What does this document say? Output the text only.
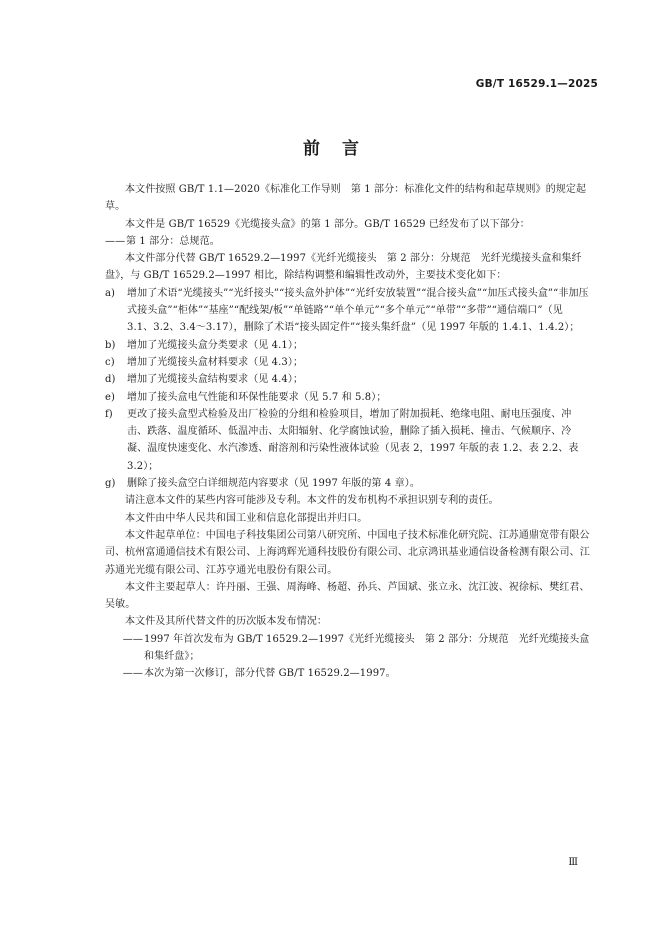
GB/T 16529.1—2025
前言

本文件按照 GB/T 1.1—2020《标准化工作导则　第 1 部分：标准化文件的结构和起草规则》的规定起草。

本文件是 GB/T 16529《光缆接头盒》的第 1 部分。GB/T 16529 已经发布了以下部分：

—— 第 1 部分：总规范。

本文件部分代替 GB/T 16529.2—1997《光纤光缆接头　第 2 部分：分规范　光纤光缆接头盒和集纤盘》，与 GB/T 16529.2—1997 相比，除结构调整和编辑性改动外，主要技术变化如下：

a)	增加了术语“光缆接头”“光纤接头”“接头盒外护体”“光纤安放装置”“混合接头盒”“加压式接头盒”“非加压式接头盒”“柜体”“基座”“配线架/板”“单链路”“单个单元”“多个单元”“单带”“多带”“通信端口”（见 3.1、3.2、3.4～3.17），删除了术语“接头固定件”“接头集纤盘”（见 1997 年版的 1.4.1、1.4.2）；
b)	增加了光缆接头盒分类要求（见 4.1）；
c)	增加了光缆接头盒材料要求（见 4.3）；
d)	增加了光缆接头盒结构要求（见 4.4）；
e)	增加了接头盒电气性能和环保性能要求（见 5.7 和 5.8）；
f)	更改了接头盒型式检验及出厂检验的分组和检验项目，增加了附加损耗、绝缘电阻、耐电压强度、冲击、跌落、温度循环、低温冲击、太阳辐射、化学腐蚀试验，删除了插入损耗、撞击、气候顺序、冷凝、温度快速变化、水汽渗透、耐溶剂和污染性液体试验（见表 2，1997 年版的表 1.2、表 2.2、表 3.2）；
g)	删除了接头盒空白详细规范内容要求（见 1997 年版的第 4 章）。

请注意本文件的某些内容可能涉及专利。本文件的发布机构不承担识别专利的责任。

本文件由中华人民共和国工业和信息化部提出并归口。

本文件起草单位：中国电子科技集团公司第八研究所、中国电子技术标准化研究院、江苏通鼎宽带有限公司、杭州富通通信技术有限公司、上海鸿辉光通科技股份有限公司、北京鸿讯基业通信设备检测有限公司、江苏通光光缆有限公司、江苏亨通光电股份有限公司。

本文件主要起草人：许丹丽、王强、周海峰、杨超、孙兵、芦国斌、张立永、沈江波、祝徐标、樊红君、吴敏。

本文件及其所代替文件的历次版本发布情况：

—— 1997 年首次发布为 GB/T 16529.2—1997《光纤光缆接头　第 2 部分：分规范　光纤光缆接头盒和集纤盘》；
—— 本次为第一次修订，部分代替 GB/T 16529.2—1997。
Ⅲ
